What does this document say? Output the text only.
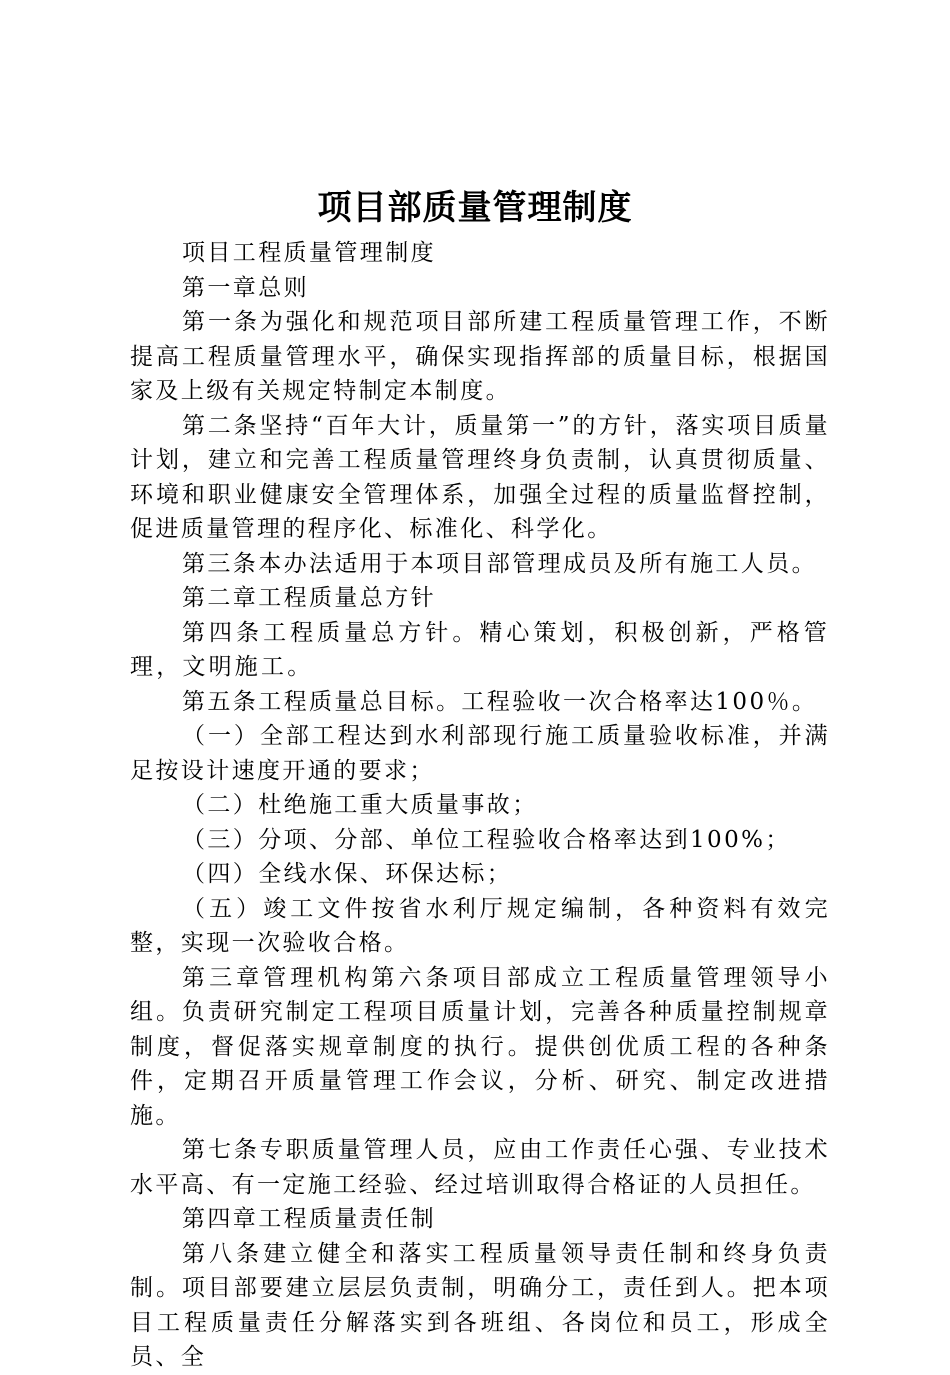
项目部质量管理制度

项目工程质量管理制度

第一章总则

第一条为强化和规范项目部所建工程质量管理工作，不断提高工程质量管理水平，确保实现指挥部的质量目标，根据国家及上级有关规定特制定本制度。

第二条坚持“百年大计，质量第一”的方针，落实项目质量计划，建立和完善工程质量管理终身负责制，认真贯彻质量、环境和职业健康安全管理体系，加强全过程的质量监督控制，促进质量管理的程序化、标准化、科学化。

第三条本办法适用于本项目部管理成员及所有施工人员。

第二章工程质量总方针

第四条工程质量总方针。精心策划，积极创新，严格管理，文明施工。

第五条工程质量总目标。工程验收一次合格率达100％。

（一）全部工程达到水利部现行施工质量验收标准，并满足按设计速度开通的要求；

（二）杜绝施工重大质量事故；

（三）分项、分部、单位工程验收合格率达到100%；

（四）全线水保、环保达标；

（五）竣工文件按省水利厅规定编制，各种资料有效完整，实现一次验收合格。

第三章管理机构第六条项目部成立工程质量管理领导小组。负责研究制定工程项目质量计划，完善各种质量控制规章制度，督促落实规章制度的执行。提供创优质工程的各种条件，定期召开质量管理工作会议，分析、研究、制定改进措施。

第七条专职质量管理人员，应由工作责任心强、专业技术水平高、有一定施工经验、经过培训取得合格证的人员担任。

第四章工程质量责任制

第八条建立健全和落实工程质量领导责任制和终身负责制。项目部要建立层层负责制，明确分工，责任到人。把本项目工程质量责任分解落实到各班组、各岗位和员工，形成全员、全
